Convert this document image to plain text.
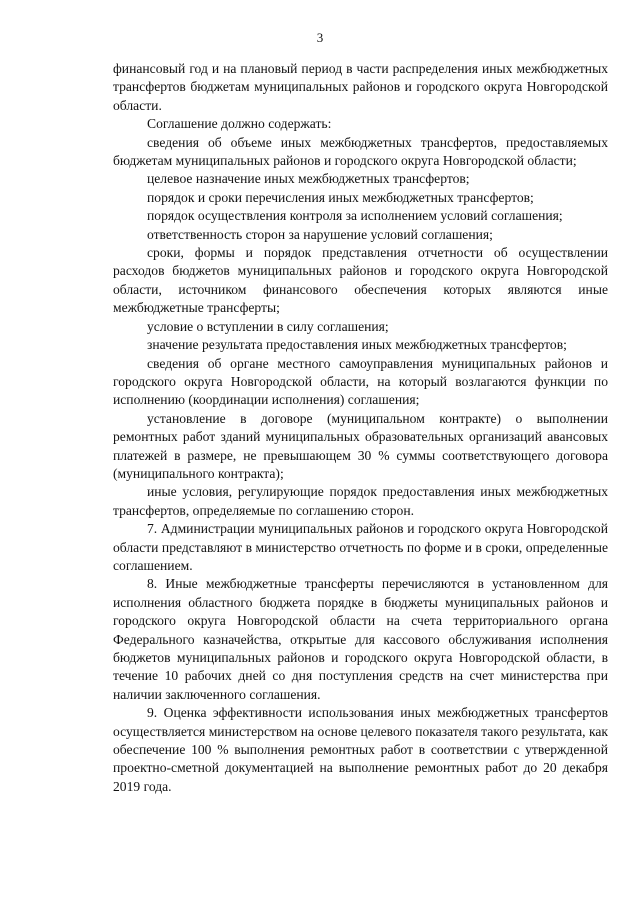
3

финансовый год и на плановый период в части распределения иных межбюджетных трансфертов бюджетам муниципальных районов и городского округа Новгородской области.

Соглашение должно содержать:

сведения об объеме иных межбюджетных трансфертов, предоставляемых бюджетам муниципальных районов и городского округа Новгородской области;

целевое назначение иных межбюджетных трансфертов;

порядок и сроки перечисления иных межбюджетных трансфертов;

порядок осуществления контроля за исполнением условий соглашения;

ответственность сторон за нарушение условий соглашения;

сроки, формы и порядок представления отчетности об осуществлении расходов бюджетов муниципальных районов и городского округа Новгородской области, источником финансового обеспечения которых являются иные межбюджетные трансферты;

условие о вступлении в силу соглашения;

значение результата предоставления иных межбюджетных трансфертов;

сведения об органе местного самоуправления муниципальных районов и городского округа Новгородской области, на который возлагаются функции по исполнению (координации исполнения) соглашения;

установление в договоре (муниципальном контракте) о выполнении ремонтных работ зданий муниципальных образовательных организаций авансовых платежей в размере, не превышающем 30 % суммы соответствующего договора (муниципального контракта);

иные условия, регулирующие порядок предоставления иных межбюджетных трансфертов, определяемые по соглашению сторон.

7. Администрации муниципальных районов и городского округа Новгородской области представляют в министерство отчетность по форме и в сроки, определенные соглашением.

8. Иные межбюджетные трансферты перечисляются в установленном для исполнения областного бюджета порядке в бюджеты муниципальных районов и городского округа Новгородской области на счета территориального органа Федерального казначейства, открытые для кассового обслуживания исполнения бюджетов муниципальных районов и городского округа Новгородской области, в течение 10 рабочих дней со дня поступления средств на счет министерства при наличии заключенного соглашения.

9. Оценка эффективности использования иных межбюджетных трансфертов осуществляется министерством на основе целевого показателя такого результата, как обеспечение 100 % выполнения ремонтных работ в соответствии с утвержденной проектно-сметной документацией на выполнение ремонтных работ до 20 декабря 2019 года.
